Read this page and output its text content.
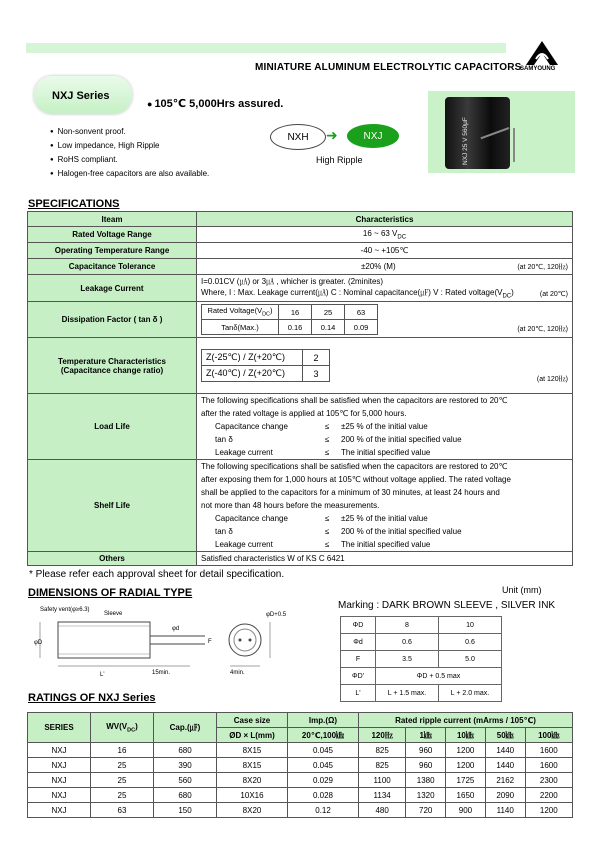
MINIATURE ALUMINUM ELECTROLYTIC CAPACITORS
SAMYOUNG
NXJ Series
● 105℃ 5,000Hrs assured.
● Non-sonvent proof.
● Low impedance, High Ripple
● RoHS compliant.
● Halogen-free capacitors are also available.
NXH	➜	NXJ
High Ripple	NXJ 25 V 560μF
SPECIFICATIONS
Iteam	Characteristics
Rated Voltage Range	16 ~ 63 $V_{DC}$
Operating Temperature Range	-40 ~ +105℃
Capacitance Tolerance	±20% (M)	(at 20℃, 120㎐)

Leakage Current	
I=0.01CV (㎂) or 3㎂ , whicher is greater. (2minites)
Where, I : Max. Leakage current(㎂) C : Nominal capacitance(㎌) V : Rated $voltage(V_{DC})$	(at 20℃)

Dissipation Factor ( tan δ )	
Rated $Voltage(V_{DC})$	16	25	63
Tanδ(Max.)	0.16	0.14	0.09	(at 20℃, 120㎐)

Temperature Characteristics
(Capacitance change ratio)

Z(-25℃) / Z(+20℃)	2
Z(-40℃) / Z(+20℃)	3
(at 120㎐)

Load Life	
The following specifications shall be satisfied when the capacitors are restored to 20℃
after the rated voltage is applied at 105℃ for 5,000 hours.
Capacitance change	≤	±25 % of the initial value
tan δ	≤	200 % of the initial specified value
Leakage current	≤	The initial specified value

Shelf Life	
The following specifications shall be satisfied when the capacitors are restored to 20℃
after exposing them for 1,000 hours at 105℃ without voltage applied. The rated voltage
shall be applied to the capacitors for a minimum of 30 minutes, at least 24 hours and
not more than 48 hours before the measurements.
Capacitance change	≤	±25 % of the initial value
tan δ	≤	200 % of the initial specified value
Leakage current	≤	The initial specified value

Others	Satisfied characteristics W of KS C 6421
* Please refer each approval sheet for detail specification.
DIMENSIONS OF RADIAL TYPE	Unit (mm)
Marking : DARK BROWN SLEEVE , SILVER INK
Safety vent(φ≥6.3)
Sleeve
φD
φd
L'	15min.	4min.
F
φD+0.5
ΦD	8	10
Φd	0.6	0.6
F	3.5	5.0
ΦD'	ΦD + 0.5 max	
L'	L + 1.5 max.	L + 2.0 max.
RATINGS OF NXJ Series
SERIES	$WV(V_{DC})$	Cap.(㎌)	Case size	Imp.(Ω)	Rated ripple current (mArms / 105℃)				
			ØD × L(mm)	20℃,100㎑	120㎐	1㎑	10㎑	50㎑	100㎑
NXJ	16	680	8X15	0.045	825	960	1200	1440	1600
NXJ	25	390	8X15	0.045	825	960	1200	1440	1600
NXJ	25	560	8X20	0.029	1100	1380	1725	2162	2300
NXJ	25	680	10X16	0.028	1134	1320	1650	2090	2200
NXJ	63	150	8X20	0.12	480	720	900	1140	1200
